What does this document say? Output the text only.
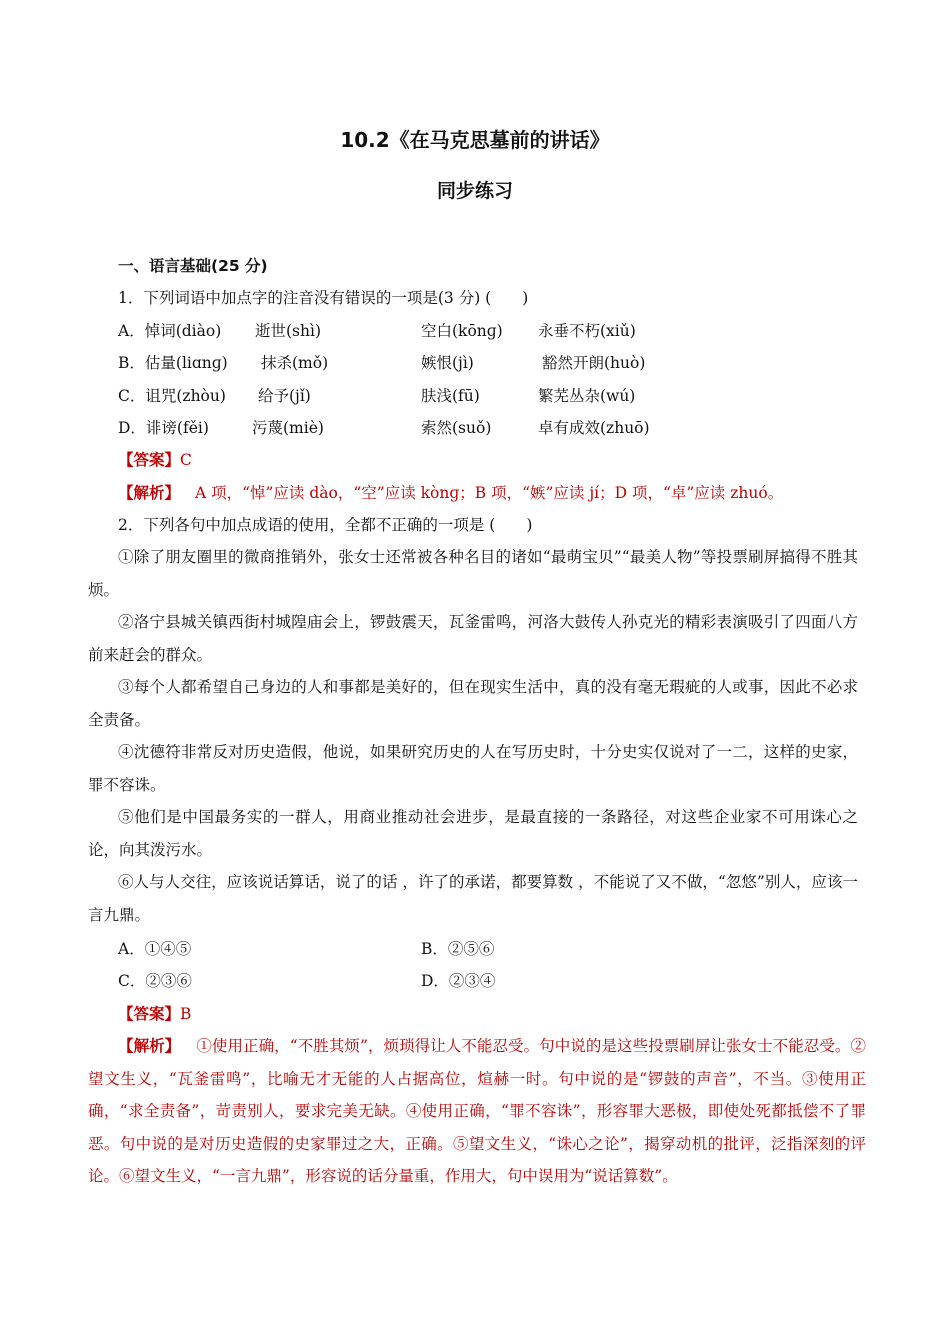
10.2《在马克思墓前的讲话》
同步练习
一、语言基础(25 分)
1．下列词语中加点字的注音没有错误的一项是(3 分) (　　)
A．悼词(diào) 逝世(shì)	空白(kōnɡ) 永垂不朽(xiǔ)
B．估量(liɑnɡ) 抹杀(mǒ)	嫉恨(jì)	豁然开朗(huò)
C．诅咒(zhòu) 给予(jǐ)	肤浅(fū)	繁芜丛杂(wú)
D．诽谤(fěi)	污蔑(miè)	索然(suǒ)	卓有成效(zhuō)
【答案】C
【解析】 A 项，“悼”应读 dào，“空”应读 kònɡ；B 项，“嫉”应读 jí；D 项，“卓”应读 zhuó。
2．下列各句中加点成语的使用，全都不正确的一项是 (　　)
①除了朋友圈里的微商推销外，张女士还常被各种名目的诸如“最萌宝贝”“最美人物”等投票刷屏搞得不胜其烦。
②洛宁县城关镇西街村城隍庙会上，锣鼓震天，瓦釜雷鸣，河洛大鼓传人孙克光的精彩表演吸引了四面八方前来赶会的群众。
③每个人都希望自己身边的人和事都是美好的，但在现实生活中，真的没有毫无瑕疵的人或事，因此不必求全责备。
④沈德符非常反对历史造假，他说，如果研究历史的人在写历史时，十分史实仅说对了一二，这样的史家，罪不容诛。
⑤他们是中国最务实的一群人，用商业推动社会进步，是最直接的一条路径，对这些企业家不可用诛心之论，向其泼污水。
⑥人与人交往，应该说话算话，说了的话 ，许了的承诺，都要算数 ，不能说了又不做，“忽悠”别人，应该一言九鼎。
A．①④⑤	B．②⑤⑥
C．②③⑥	D．②③④
【答案】B
【解析】 ①使用正确，“不胜其烦”，烦琐得让人不能忍受。句中说的是这些投票刷屏让张女士不能忍受。②望文生义，“瓦釜雷鸣”，比喻无才无能的人占据高位，煊赫一时。句中说的是“锣鼓的声音”，不当。③使用正确，“求全责备”，苛责别人，要求完美无缺。④使用正确，“罪不容诛”，形容罪大恶极，即使处死都抵偿不了罪恶。句中说的是对历史造假的史家罪过之大，正确。⑤望文生义，“诛心之论”，揭穿动机的批评，泛指深刻的评论。⑥望文生义，“一言九鼎”，形容说的话分量重，作用大，句中误用为“说话算数”。
